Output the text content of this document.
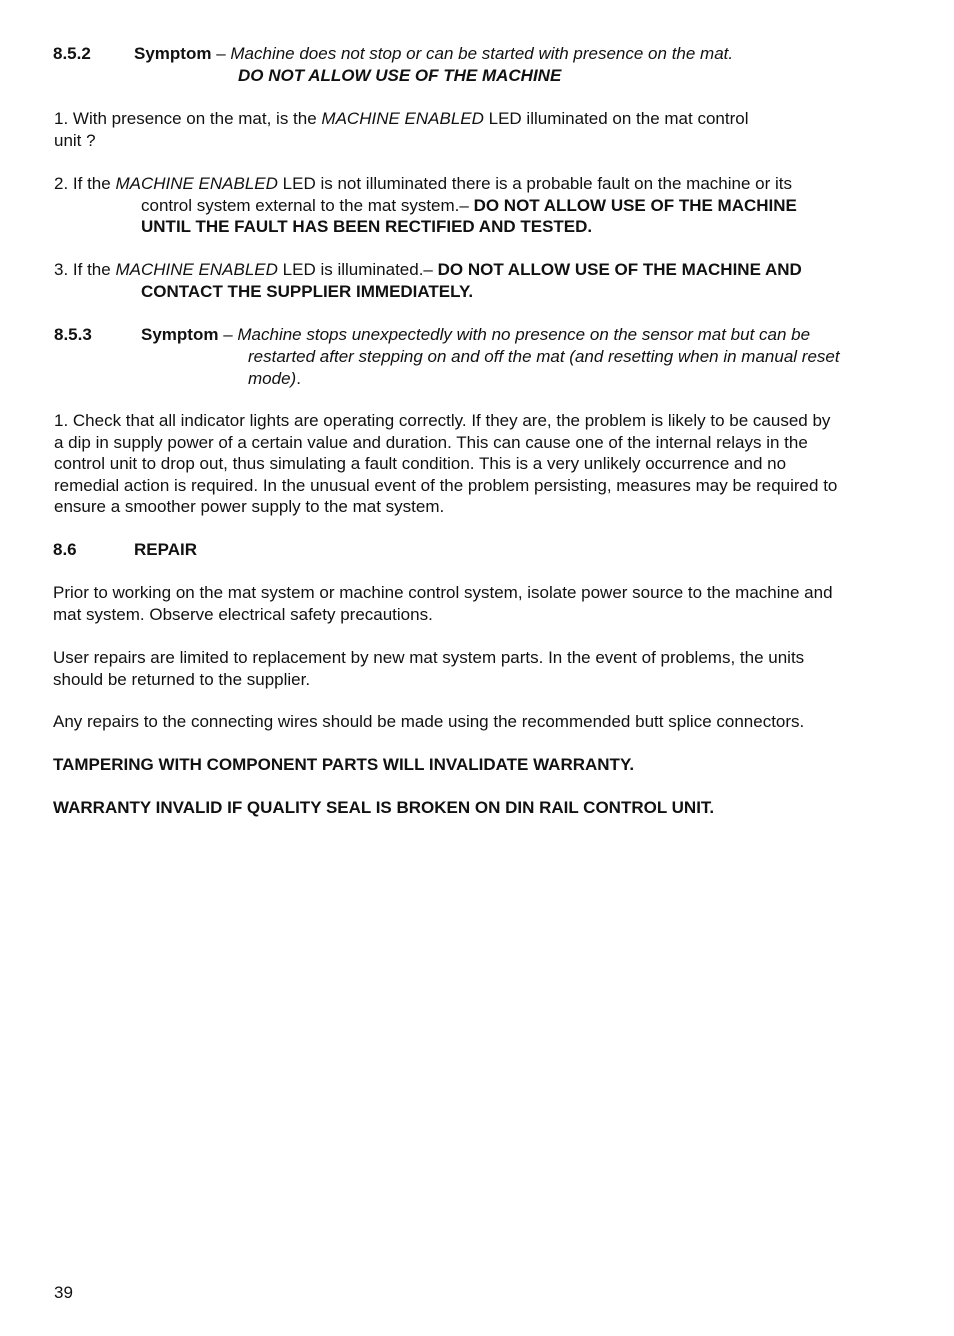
8.5.2	Symptom – Machine does not stop or can be started with presence on the mat.
DO NOT ALLOW USE OF THE MACHINE

1. With presence on the mat, is the MACHINE ENABLED LED illuminated on the mat control

unit ?

2. If the MACHINE ENABLED LED is not illuminated there is a probable fault on the machine or its

control system external to the mat system.– DO NOT ALLOW USE OF THE MACHINE

UNTIL THE FAULT HAS BEEN RECTIFIED AND TESTED.

3. If the MACHINE ENABLED LED is illuminated.– DO NOT ALLOW USE OF THE MACHINE AND

CONTACT THE SUPPLIER IMMEDIATELY.

8.5.3	Symptom – Machine stops unexpectedly with no presence on the sensor mat but can be
restarted after stepping on and off the mat (and resetting when in manual reset
mode).

1. Check that all indicator lights are operating correctly. If they are, the problem is likely to be caused by

a dip in supply power of a certain value and duration. This can cause one of the internal relays in the

control unit to drop out, thus simulating a fault condition. This is a very unlikely occurrence and no

remedial action is required. In the unusual event of the problem persisting, measures may be required to

ensure a smoother power supply to the mat system.

8.6	REPAIR

Prior to working on the mat system or machine control system, isolate power source to the machine and

mat system. Observe electrical safety precautions.

User repairs are limited to replacement by new mat system parts. In the event of problems, the units

should be returned to the supplier.

Any repairs to the connecting wires should be made using the recommended butt splice connectors.

TAMPERING WITH COMPONENT PARTS WILL INVALIDATE WARRANTY.
WARRANTY INVALID IF QUALITY SEAL IS BROKEN ON DIN RAIL CONTROL UNIT.
39
